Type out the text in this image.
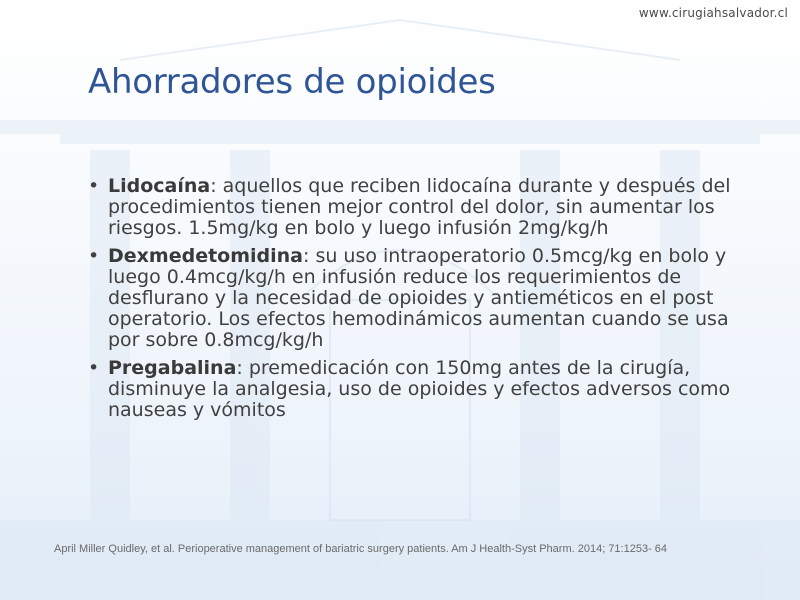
www.cirugiahsalvador.cl
Ahorradores de opioides
• Lidocaína: aquellos que reciben lidocaína durante y después del procedimientos tienen mejor control del dolor, sin aumentar los riesgos. 1.5mg/kg en bolo y luego infusión 2mg/kg/h
• Dexmedetomidina: su uso intraoperatorio 0.5mcg/kg en bolo y luego 0.4mcg/kg/h en infusión reduce los requerimientos de desflurano y la necesidad de opioides y antieméticos en el post operatorio. Los efectos hemodinámicos aumentan cuando se usa por sobre 0.8mcg/kg/h
• Pregabalina: premedicación con 150mg antes de la cirugía, disminuye la analgesia, uso de opioides y efectos adversos como nauseas y vómitos
April Miller Quidley, et al. Perioperative management of bariatric surgery patients. Am J Health-Syst Pharm. 2014; 71:1253- 64
